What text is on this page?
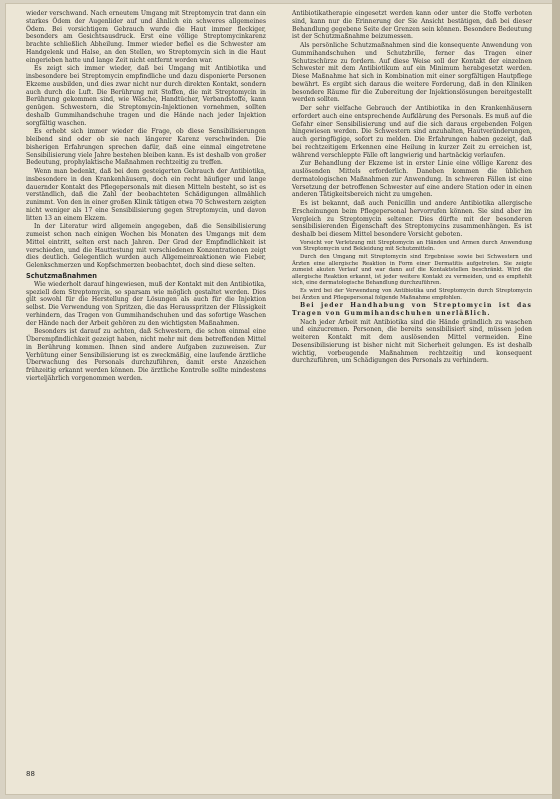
wieder verschwand. Nach erneutem Umgang mit Streptomycin trat dann ein starkes Ödem der Augenlider auf und ähnlich ein schweres allgemeines Ödem. Bei vorsichtigem Gebrauch wurde die Haut immer fleckiger, besonders am Gesichtsausdruck. Erst eine völlige Streptomycinkarenz brachte schließlich Abheilung. Immer wieder befiel es die Schwester am Handgelenk und Halse, an den Stellen, wo Streptomycin sich in die Haut eingerieben hatte und lange Zeit nicht entfernt worden war.

Es zeigt sich immer wieder, daß bei Umgang mit Antibiotika und insbesondere bei Streptomycin empfindliche und dazu disponierte Personen Ekzeme ausbilden, und dies zwar nicht nur durch direkten Kontakt, sondern auch durch die Luft. Die Berührung mit Stoffen, die mit Streptomycin in Berührung gekommen sind, wie Wäsche, Handtücher, Verbandstoffe, kann genügen. Schwestern, die Streptomycin-Injektionen vornehmen, sollten deshalb Gummihandschuhe tragen und die Hände nach jeder Injektion sorgfältig waschen.

Es erhebt sich immer wieder die Frage, ob diese Sensibilisierungen bleibend sind oder ob sie nach längerer Karenz verschwinden. Die bisherigen Erfahrungen sprechen dafür, daß eine einmal eingetretene Sensibilisierung viele Jahre bestehen bleiben kann. Es ist deshalb von großer Bedeutung, prophylaktische Maßnahmen rechtzeitig zu treffen.

Wenn man bedenkt, daß bei dem gesteigerten Gebrauch der Antibiotika, insbesondere in den Krankenhäusern, doch ein recht häufiger und lange dauernder Kontakt des Pflegepersonals mit diesen Mitteln besteht, so ist es verständlich, daß die Zahl der beobachteten Schädigungen allmählich zunimmt. Von den in einer großen Klinik tätigen etwa 70 Schwestern zeigten nicht weniger als 17 eine Sensibilisierung gegen Streptomycin, und davon litten 13 an einem Ekzem.

In der Literatur wird allgemein angegeben, daß die Sensibilisierung zumeist schon nach einigen Wochen bis Monaten des Umgangs mit dem Mittel eintritt, selten erst nach Jahren. Der Grad der Empfindlichkeit ist verschieden, und die Hauttestung mit verschiedenen Konzentrationen zeigt dies deutlich. Gelegentlich wurden auch Allgemeinreaktionen wie Fieber, Gelenkschmerzen und Kopfschmerzen beobachtet, doch sind diese selten.

Schutzmaßnahmen

Wie wiederholt darauf hingewiesen, muß der Kontakt mit den Antibiotika, speziell dem Streptomycin, so sparsam wie möglich gestaltet werden. Dies gilt sowohl für die Herstellung der Lösungen als auch für die Injektion selbst. Die Verwendung von Spritzen, die das Herausspritzen der Flüssigkeit verhindern, das Tragen von Gummihandschuhen und das sofortige Waschen der Hände nach der Arbeit gehören zu den wichtigsten Maßnahmen.

Besonders ist darauf zu achten, daß Schwestern, die schon einmal eine Überempfindlichkeit gezeigt haben, nicht mehr mit dem betreffenden Mittel in Berührung kommen. Ihnen sind andere Aufgaben zuzuweisen. Zur Verhütung einer Sensibilisierung ist es zweckmäßig, eine laufende ärztliche Überwachung des Personals durchzuführen, damit erste Anzeichen frühzeitig erkannt werden können. Die ärztliche Kontrolle sollte mindestens vierteljährlich vorgenommen werden.

Antibiotikatherapie eingesetzt werden kann oder unter die Stoffe verboten sind, kann nur die Erinnerung der Sie Ansicht bestätigen, daß bei dieser Behandlung gegebene Seite der Grenzen sein können. Besondere Bedeutung ist der Schutzmaßnahme beizumessen.

Als persönliche Schutzmaßnahmen sind die konsequente Anwendung von Gummihandschuhen und Schutzbrille, ferner das Tragen einer Schutzschürze zu fordern. Auf diese Weise soll der Kontakt der einzelnen Schwester mit dem Antibiotikum auf ein Minimum herabgesetzt werden. Diese Maßnahme hat sich in Kombination mit einer sorgfältigen Hautpflege bewährt. Es ergibt sich daraus die weitere Forderung, daß in den Kliniken besondere Räume für die Zubereitung der Injektionslösungen bereitgestellt werden sollten.

Der sehr vielfache Gebrauch der Antibiotika in den Krankenhäusern erfordert auch eine entsprechende Aufklärung des Personals. Es muß auf die Gefahr einer Sensibilisierung und auf die sich daraus ergebenden Folgen hingewiesen werden. Die Schwestern sind anzuhalten, Hautveränderungen, auch geringfügige, sofort zu melden. Die Erfahrungen haben gezeigt, daß bei rechtzeitigem Erkennen eine Heilung in kurzer Zeit zu erreichen ist, während verschleppte Fälle oft langwierig und hartnäckig verlaufen.

Zur Behandlung der Ekzeme ist in erster Linie eine völlige Karenz des auslösenden Mittels erforderlich. Daneben kommen die üblichen dermatologischen Maßnahmen zur Anwendung. In schweren Fällen ist eine Versetzung der betroffenen Schwester auf eine andere Station oder in einen anderen Tätigkeitsbereich nicht zu umgehen.

Es ist bekannt, daß auch Penicillin und andere Antibiotika allergische Erscheinungen beim Pflegepersonal hervorrufen können. Sie sind aber im Vergleich zu Streptomycin seltener. Dies dürfte mit der besonderen sensibilisierenden Eigenschaft des Streptomycins zusammenhängen. Es ist deshalb bei diesem Mittel besondere Vorsicht geboten.

Vorsicht vor Verletzung mit Streptomycin an Händen und Armen durch Anwendung von Streptomycin und Bekleidung mit Schutzmitteln.

Durch den Umgang mit Streptomycin sind Ergebnisse sowie bei Schwestern und Ärzten eine allergische Reaktion in Form einer Dermatitis aufgetreten. Sie zeigte zumeist akuten Verlauf und war dann auf die Kontaktstellen beschränkt. Wird die allergische Reaktion erkannt, ist jeder weitere Kontakt zu vermeiden, und es empfiehlt sich, eine dermatologische Behandlung durchzuführen.

Es wird bei der Verwendung von Antibiotika und Streptomycin durch Streptomycin bei Ärzten und Pflegepersonal folgende Maßnahme empfohlen.

Bei jeder Handhabung von Streptomycin ist das Tragen von Gummihandschuhen unerläßlich.

Nach jeder Arbeit mit Antibiotika sind die Hände gründlich zu waschen und einzucremen. Personen, die bereits sensibilisiert sind, müssen jeden weiteren Kontakt mit dem auslösenden Mittel vermeiden. Eine Desensibilisierung ist bisher nicht mit Sicherheit gelungen. Es ist deshalb wichtig, vorbeugende Maßnahmen rechtzeitig und konsequent durchzuführen, um Schädigungen des Personals zu verhindern.

88
